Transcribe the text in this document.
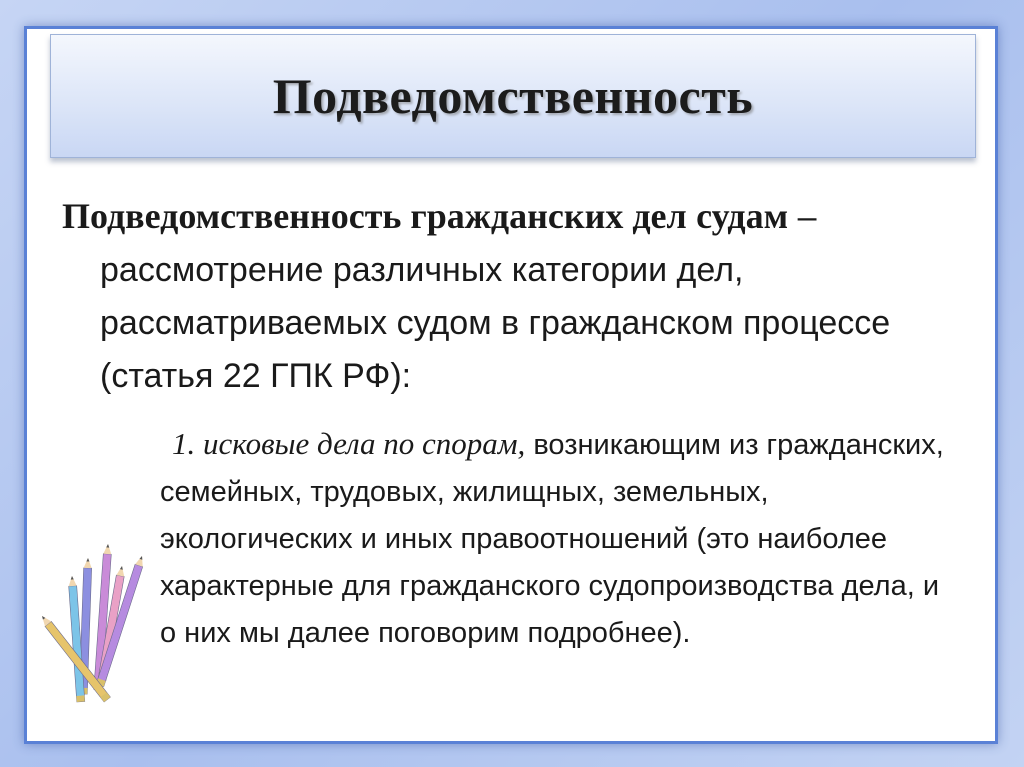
Подведомственность
Подведомственность гражданских дел судам – рассмотрение различных категории дел, рассматриваемых судом в гражданском процессе (статья 22 ГПК РФ):
1. исковые дела по спорам, возникающим из гражданских, семейных, трудовых, жилищных, земельных, экологических и иных правоотношений (это наиболее характерные для гражданского судопроизводства дела, и о них мы далее поговорим подробнее).
